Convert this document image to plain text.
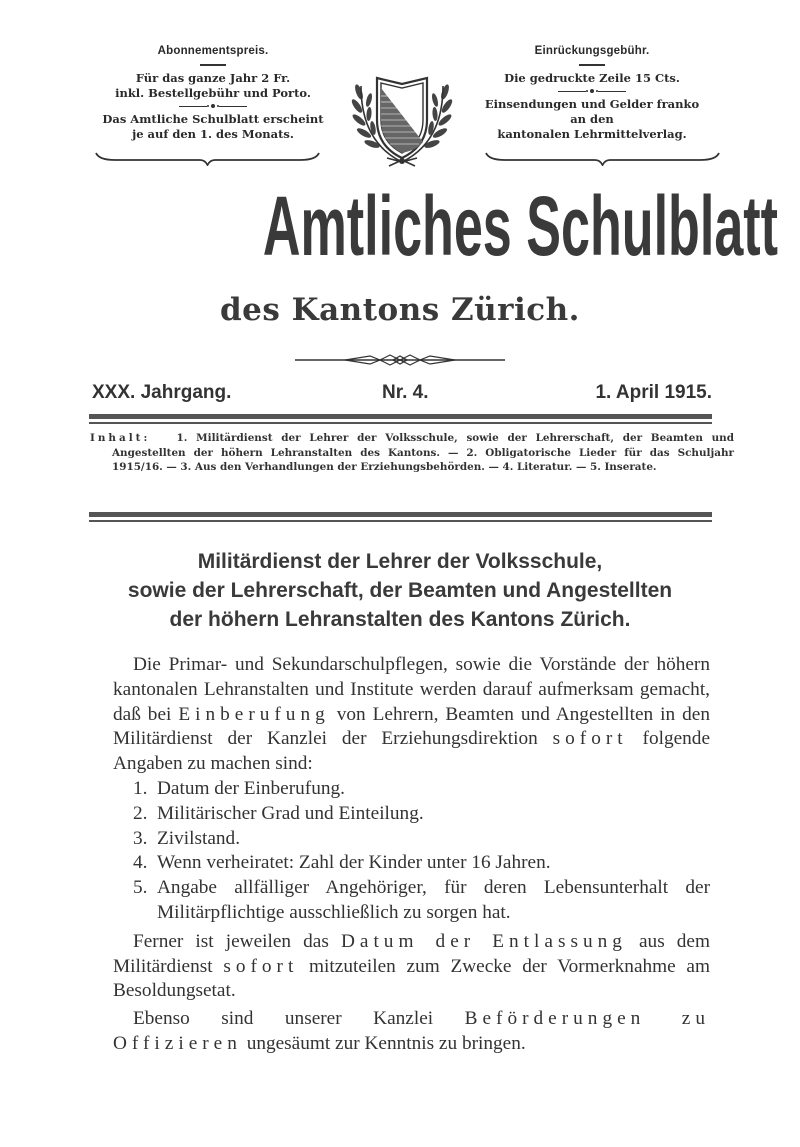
Abonnementspreis.
Für das ganze Jahr 2 Fr.
inkl. Bestellgebühr und Porto.
Das Amtliche Schulblatt erscheint
je auf den 1. des Monats.
Einrückungsgebühr.
Die gedruckte Zeile 15 Cts.
Einsendungen und Gelder franko
an den
kantonalen Lehrmittelverlag.
Amtliches Schulblatt
des Kantons Zürich.
XXX. Jahrgang.	Nr. 4.	1. April 1915.
Inhalt:	1. Militärdienst der Lehrer der Volksschule, sowie der Lehrerschaft, der Beamten und Angestellten der höhern Lehranstalten des Kantons. — 2. Obligatorische Lieder für das Schuljahr 1915/16. — 3. Aus den Verhandlungen der Erziehungsbehörden. — 4. Literatur. — 5. Inserate.
Militärdienst der Lehrer der Volksschule,
sowie der Lehrerschaft, der Beamten und Angestellten
der höhern Lehranstalten des Kantons Zürich.

Die Primar- und Sekundarschulpflegen, sowie die Vorstände der höhern kantonalen Lehranstalten und Institute werden darauf aufmerksam gemacht, daß bei Einberufung von Lehrern, Beamten und Angestellten in den Militärdienst der Kanzlei der Erziehungsdirektion sofort folgende Angaben zu machen sind:

1. Datum der Einberufung.
2. Militärischer Grad und Einteilung.
3. Zivilstand.
4. Wenn verheiratet: Zahl der Kinder unter 16 Jahren.
5. Angabe allfälliger Angehöriger, für deren Lebensunterhalt der Militärpflichtige ausschließlich zu sorgen hat.

Ferner ist jeweilen das Datum der Entlassung aus dem Militärdienst sofort mitzuteilen zum Zwecke der Vormerknahme am Besoldungsetat.

Ebenso sind unserer Kanzlei Beförderungen zu Offizieren ungesäumt zur Kenntnis zu bringen.
